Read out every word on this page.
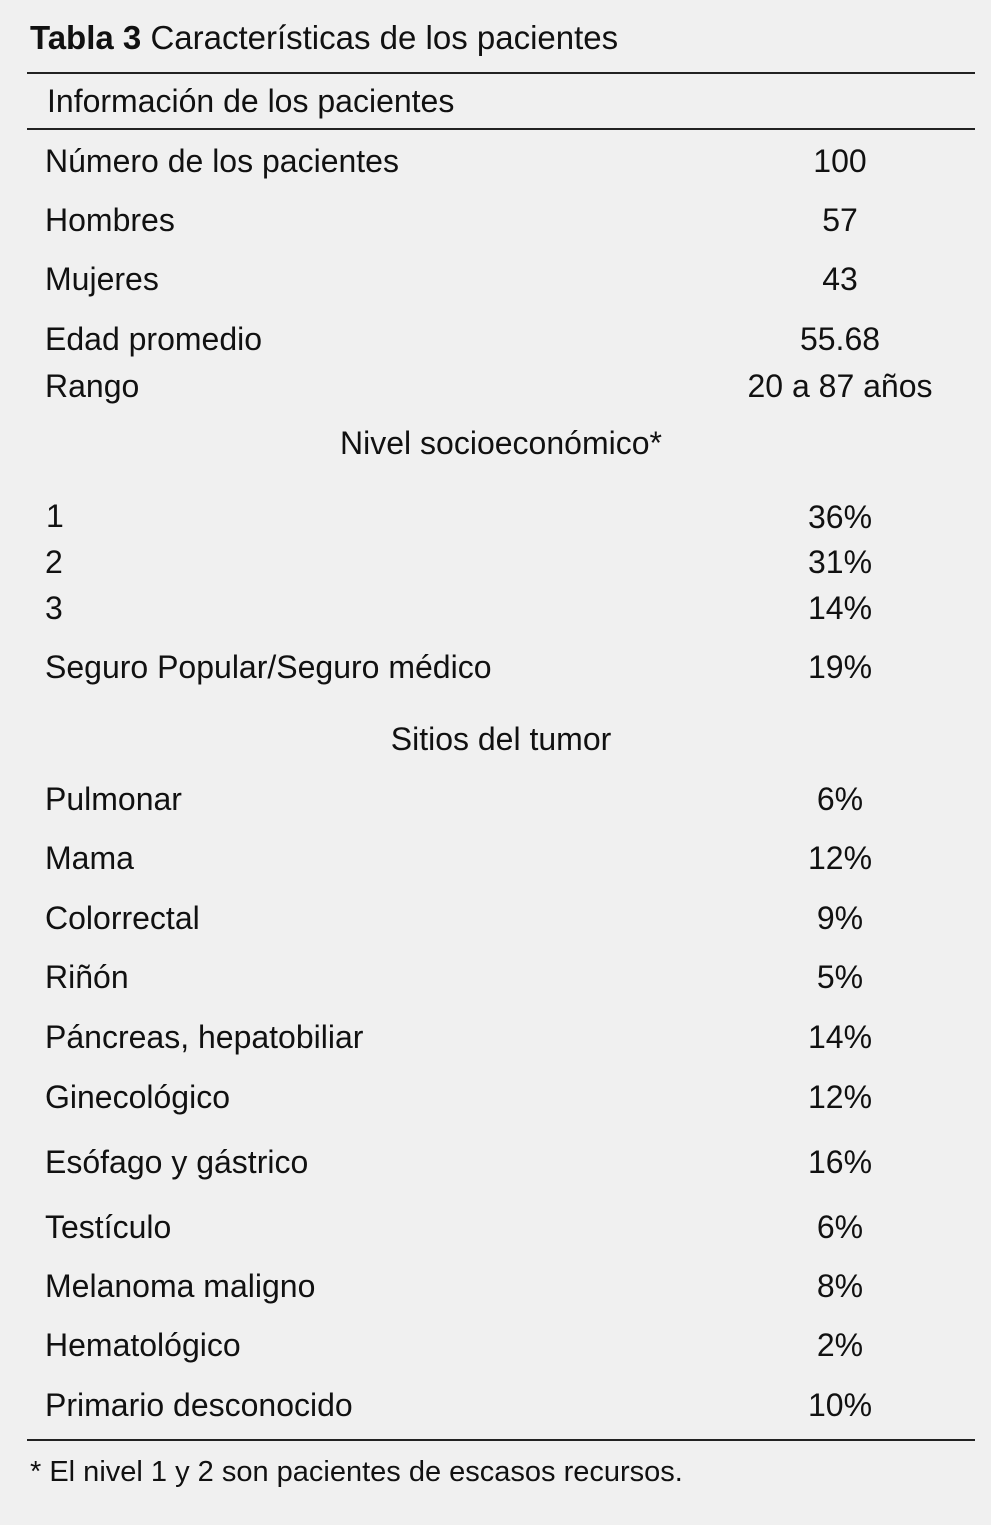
Tabla 3 Características de los pacientes
Información de los pacientes
Número de los pacientes	100
Hombres	57
Mujeres	43
Edad promedio	55.68
Rango	20 a 87 años
Nivel socioeconómico*
1	36%
2	31%
3	14%
Seguro Popular/Seguro médico	19%
Sitios del tumor
Pulmonar	6%
Mama	12%
Colorrectal	9%
Riñón	5%
Páncreas, hepatobiliar	14%
Ginecológico	12%
Esófago y gástrico	16%
Testículo	6%
Melanoma maligno	8%
Hematológico	2%
Primario desconocido	10%
* El nivel 1 y 2 son pacientes de escasos recursos.
